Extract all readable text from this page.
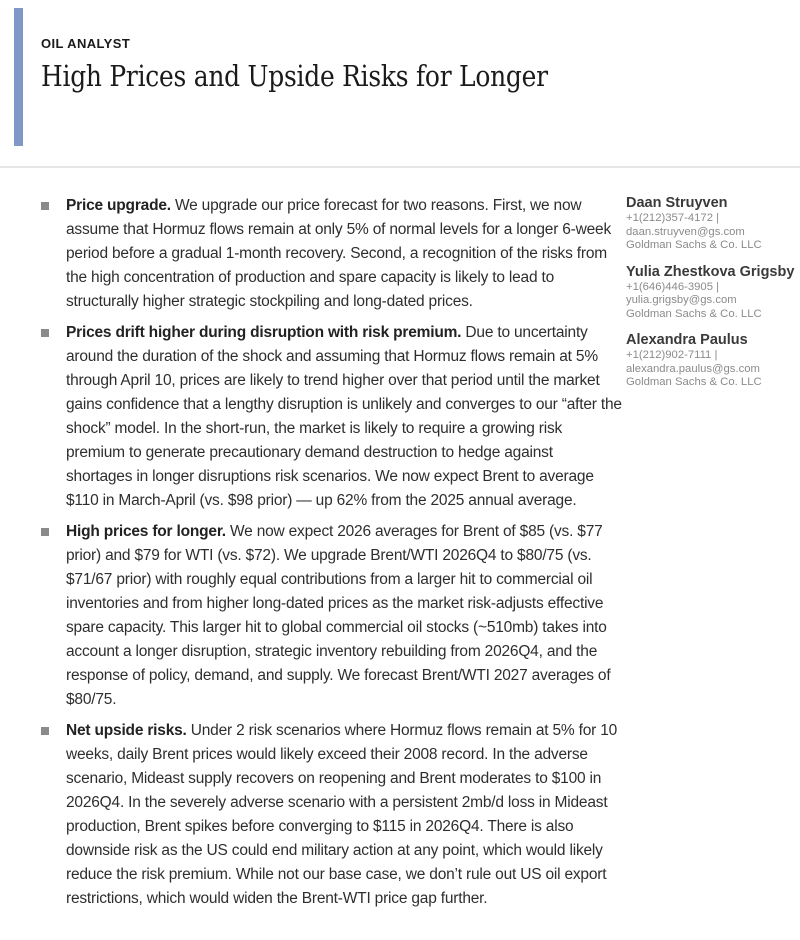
OIL ANALYST
High Prices and Upside Risks for Longer
Price upgrade. We upgrade our price forecast for two reasons. First, we now assume that Hormuz flows remain at only 5% of normal levels for a longer 6-week period before a gradual 1-month recovery. Second, a recognition of the risks from the high concentration of production and spare capacity is likely to lead to structurally higher strategic stockpiling and long-dated prices.
Prices drift higher during disruption with risk premium. Due to uncertainty around the duration of the shock and assuming that Hormuz flows remain at 5% through April 10, prices are likely to trend higher over that period until the market gains confidence that a lengthy disruption is unlikely and converges to our “after the shock” model. In the short-run, the market is likely to require a growing risk premium to generate precautionary demand destruction to hedge against shortages in longer disruptions risk scenarios. We now expect Brent to average $110 in March-April (vs. $98 prior) — up 62% from the 2025 annual average.
High prices for longer. We now expect 2026 averages for Brent of $85 (vs. $77 prior) and $79 for WTI (vs. $72). We upgrade Brent/WTI 2026Q4 to $80/75 (vs. $71/67 prior) with roughly equal contributions from a larger hit to commercial oil inventories and from higher long-dated prices as the market risk-adjusts effective spare capacity. This larger hit to global commercial oil stocks (~510mb) takes into account a longer disruption, strategic inventory rebuilding from 2026Q4, and the response of policy, demand, and supply. We forecast Brent/WTI 2027 averages of $80/75.
Net upside risks. Under 2 risk scenarios where Hormuz flows remain at 5% for 10 weeks, daily Brent prices would likely exceed their 2008 record. In the adverse scenario, Mideast supply recovers on reopening and Brent moderates to $100 in 2026Q4. In the severely adverse scenario with a persistent 2mb/d loss in Mideast production, Brent spikes before converging to $115 in 2026Q4. There is also downside risk as the US could end military action at any point, which would likely reduce the risk premium. While not our base case, we don’t rule out US oil export restrictions, which would widen the Brent-WTI price gap further.
Daan Struyven
+1(212)357-4172 |
daan.struyven@gs.com
Goldman Sachs & Co. LLC
Yulia Zhestkova Grigsby
+1(646)446-3905 |
yulia.grigsby@gs.com
Goldman Sachs & Co. LLC
Alexandra Paulus
+1(212)902-7111 |
alexandra.paulus@gs.com
Goldman Sachs & Co. LLC
